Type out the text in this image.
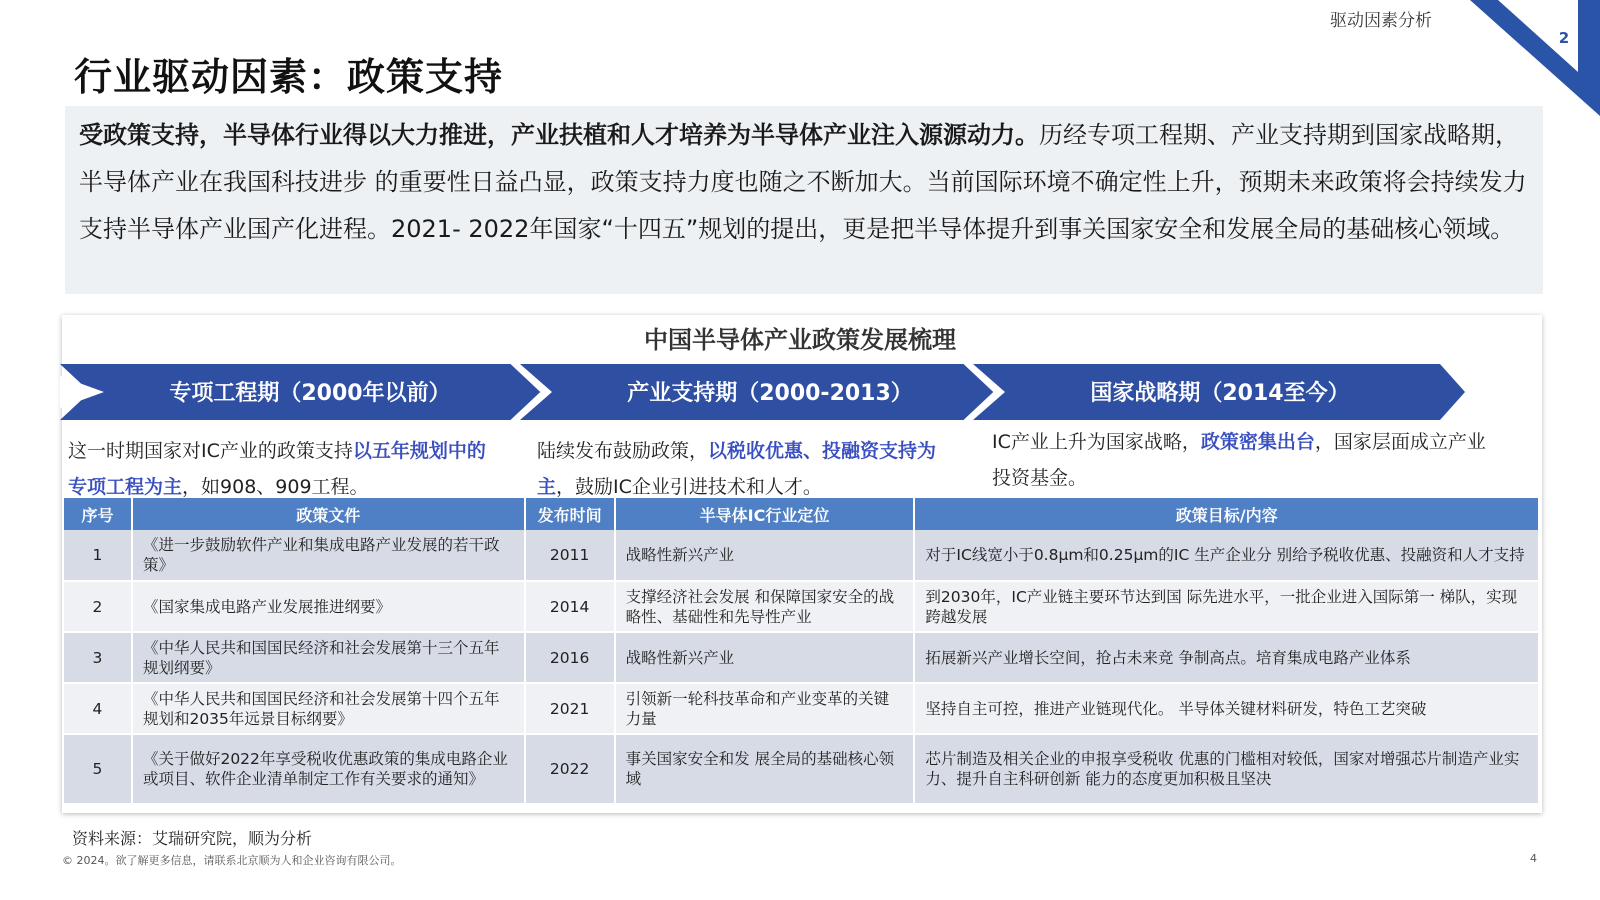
驱动因素分析
2
行业驱动因素：政策支持
受政策支持，半导体行业得以大力推进，产业扶植和人才培养为半导体产业注入源源动力。历经专项工程期、产业支持期到国家战略期，半导体产业在我国科技进步 的重要性日益凸显，政策支持力度也随之不断加大。当前国际环境不确定性上升，预期未来政策将会持续发力支持半导体产业国产化进程。2021- 2022年国家“十四五”规划的提出，更是把半导体提升到事关国家安全和发展全局的基础核心领域。
中国半导体产业政策发展梳理
专项工程期（2000年以前）	产业支持期（2000-2013）	国家战略期（2014至今）
这一时期国家对IC产业的政策支持以五年规划中的专项工程为主，如908、909工程。
陆续发布鼓励政策，以税收优惠、投融资支持为主，鼓励IC企业引进技术和人才。
IC产业上升为国家战略，政策密集出台，国家层面成立产业投资基金。
序号	政策文件	发布时间	半导体IC行业定位	政策目标/内容
1	《进一步鼓励软件产业和集成电路产业发展的若干政策》	2011	战略性新兴产业	对于IC线宽小于0.8μm和0.25μm的IC 生产企业分 别给予税收优惠、投融资和人才支持
2	《国家集成电路产业发展推进纲要》	2014	支撑经济社会发展 和保障国家安全的战略性、基础性和先导性产业	到2030年，IC产业链主要环节达到国 际先进水平，一批企业进入国际第一 梯队，实现跨越发展
3	《中华人民共和国国民经济和社会发展第十三个五年规划纲要》	2016	战略性新兴产业	拓展新兴产业增长空间，抢占未来竞 争制高点。培育集成电路产业体系
4	《中华人民共和国国民经济和社会发展第十四个五年规划和2035年远景目标纲要》	2021	引领新一轮科技革命和产业变革的关键力量	坚持自主可控，推进产业链现代化。 半导体关键材料研发，特色工艺突破
5	《关于做好2022年享受税收优惠政策的集成电路企业或项目、软件企业清单制定工作有关要求的通知》	2022	事关国家安全和发 展全局的基础核心领域	芯片制造及相关企业的申报享受税收 优惠的门槛相对较低，国家对增强芯片制造产业实力、提升自主科研创新 能力的态度更加积极且坚决
资料来源：艾瑞研究院，顺为分析
© 2024。欲了解更多信息，请联系北京顺为人和企业咨询有限公司。	4
